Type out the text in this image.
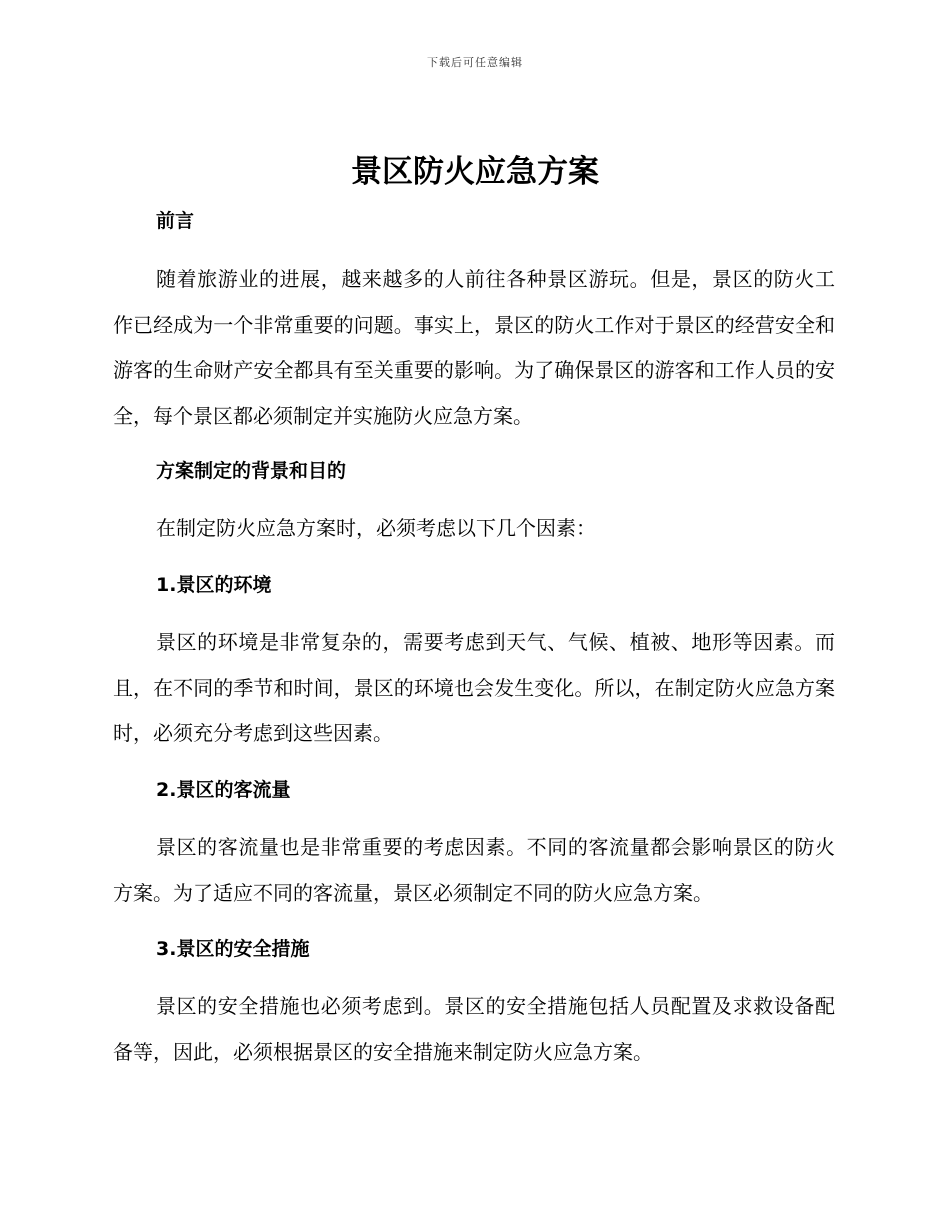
下载后可任意编辑
景区防火应急方案
前言

随着旅游业的进展，越来越多的人前往各种景区游玩。但是，景区的防火工作已经成为一个非常重要的问题。事实上，景区的防火工作对于景区的经营安全和游客的生命财产安全都具有至关重要的影响。为了确保景区的游客和工作人员的安全，每个景区都必须制定并实施防火应急方案。

方案制定的背景和目的

在制定防火应急方案时，必须考虑以下几个因素：

1.景区的环境

景区的环境是非常复杂的，需要考虑到天气、气候、植被、地形等因素。而且，在不同的季节和时间，景区的环境也会发生变化。所以，在制定防火应急方案时，必须充分考虑到这些因素。

2.景区的客流量

景区的客流量也是非常重要的考虑因素。不同的客流量都会影响景区的防火方案。为了适应不同的客流量，景区必须制定不同的防火应急方案。

3.景区的安全措施

景区的安全措施也必须考虑到。景区的安全措施包括人员配置及求救设备配备等，因此，必须根据景区的安全措施来制定防火应急方案。
